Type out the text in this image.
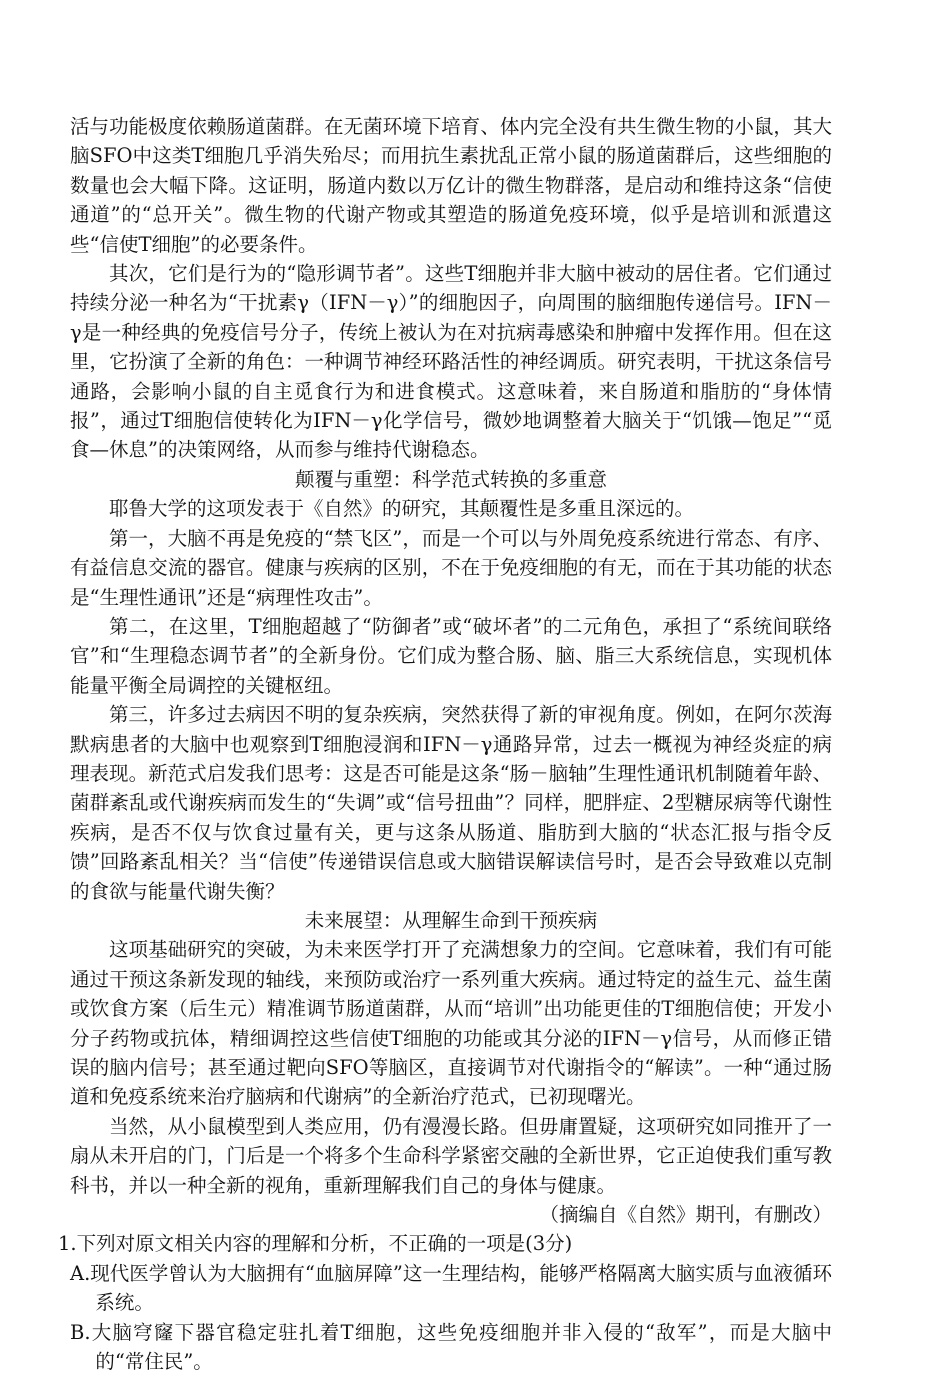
活与功能极度依赖肠道菌群。在无菌环境下培育、体内完全没有共生微生物的小鼠，其大脑SFO中这类T细胞几乎消失殆尽；而用抗生素扰乱正常小鼠的肠道菌群后，这些细胞的数量也会大幅下降。这证明，肠道内数以万亿计的微生物群落，是启动和维持这条“信使通道”的“总开关”。微生物的代谢产物或其塑造的肠道免疫环境，似乎是培训和派遣这些“信使T细胞”的必要条件。

其次，它们是行为的“隐形调节者”。这些T细胞并非大脑中被动的居住者。它们通过持续分泌一种名为“干扰素γ（IFN－γ）”的细胞因子，向周围的脑细胞传递信号。IFN－γ是一种经典的免疫信号分子，传统上被认为在对抗病毒感染和肿瘤中发挥作用。但在这里，它扮演了全新的角色：一种调节神经环路活性的神经调质。研究表明，干扰这条信号通路，会影响小鼠的自主觅食行为和进食模式。这意味着，来自肠道和脂肪的“身体情报”，通过T细胞信使转化为IFN－γ化学信号，微妙地调整着大脑关于“饥饿—饱足”“觅食—休息”的决策网络，从而参与维持代谢稳态。

颠覆与重塑：科学范式转换的多重意

耶鲁大学的这项发表于《自然》的研究，其颠覆性是多重且深远的。

第一，大脑不再是免疫的“禁飞区”，而是一个可以与外周免疫系统进行常态、有序、有益信息交流的器官。健康与疾病的区别，不在于免疫细胞的有无，而在于其功能的状态是“生理性通讯”还是“病理性攻击”。

第二，在这里，T细胞超越了“防御者”或“破坏者”的二元角色，承担了“系统间联络官”和“生理稳态调节者”的全新身份。它们成为整合肠、脑、脂三大系统信息，实现机体能量平衡全局调控的关键枢纽。

第三，许多过去病因不明的复杂疾病，突然获得了新的审视角度。例如，在阿尔茨海默病患者的大脑中也观察到T细胞浸润和IFN－γ通路异常，过去一概视为神经炎症的病理表现。新范式启发我们思考：这是否可能是这条“肠－脑轴”生理性通讯机制随着年龄、菌群紊乱或代谢疾病而发生的“失调”或“信号扭曲”？同样，肥胖症、2型糖尿病等代谢性疾病，是否不仅与饮食过量有关，更与这条从肠道、脂肪到大脑的“状态汇报与指令反馈”回路紊乱相关？当“信使”传递错误信息或大脑错误解读信号时，是否会导致难以克制的食欲与能量代谢失衡？

未来展望：从理解生命到干预疾病

这项基础研究的突破，为未来医学打开了充满想象力的空间。它意味着，我们有可能通过干预这条新发现的轴线，来预防或治疗一系列重大疾病。通过特定的益生元、益生菌或饮食方案（后生元）精准调节肠道菌群，从而“培训”出功能更佳的T细胞信使；开发小分子药物或抗体，精细调控这些信使T细胞的功能或其分泌的IFN－γ信号，从而修正错误的脑内信号；甚至通过靶向SFO等脑区，直接调节对代谢指令的“解读”。一种“通过肠道和免疫系统来治疗脑病和代谢病”的全新治疗范式，已初现曙光。

当然，从小鼠模型到人类应用，仍有漫漫长路。但毋庸置疑，这项研究如同推开了一扇从未开启的门，门后是一个将多个生命科学紧密交融的全新世界，它正迫使我们重写教科书，并以一种全新的视角，重新理解我们自己的身体与健康。

（摘编自《自然》期刊，有删改）

1.下列对原文相关内容的理解和分析，不正确的一项是(3分)

A.现代医学曾认为大脑拥有“血脑屏障”这一生理结构，能够严格隔离大脑实质与血液循环系统。

B.大脑穹窿下器官稳定驻扎着T细胞，这些免疫细胞并非入侵的“敌军”，而是大脑中的“常住民”。
